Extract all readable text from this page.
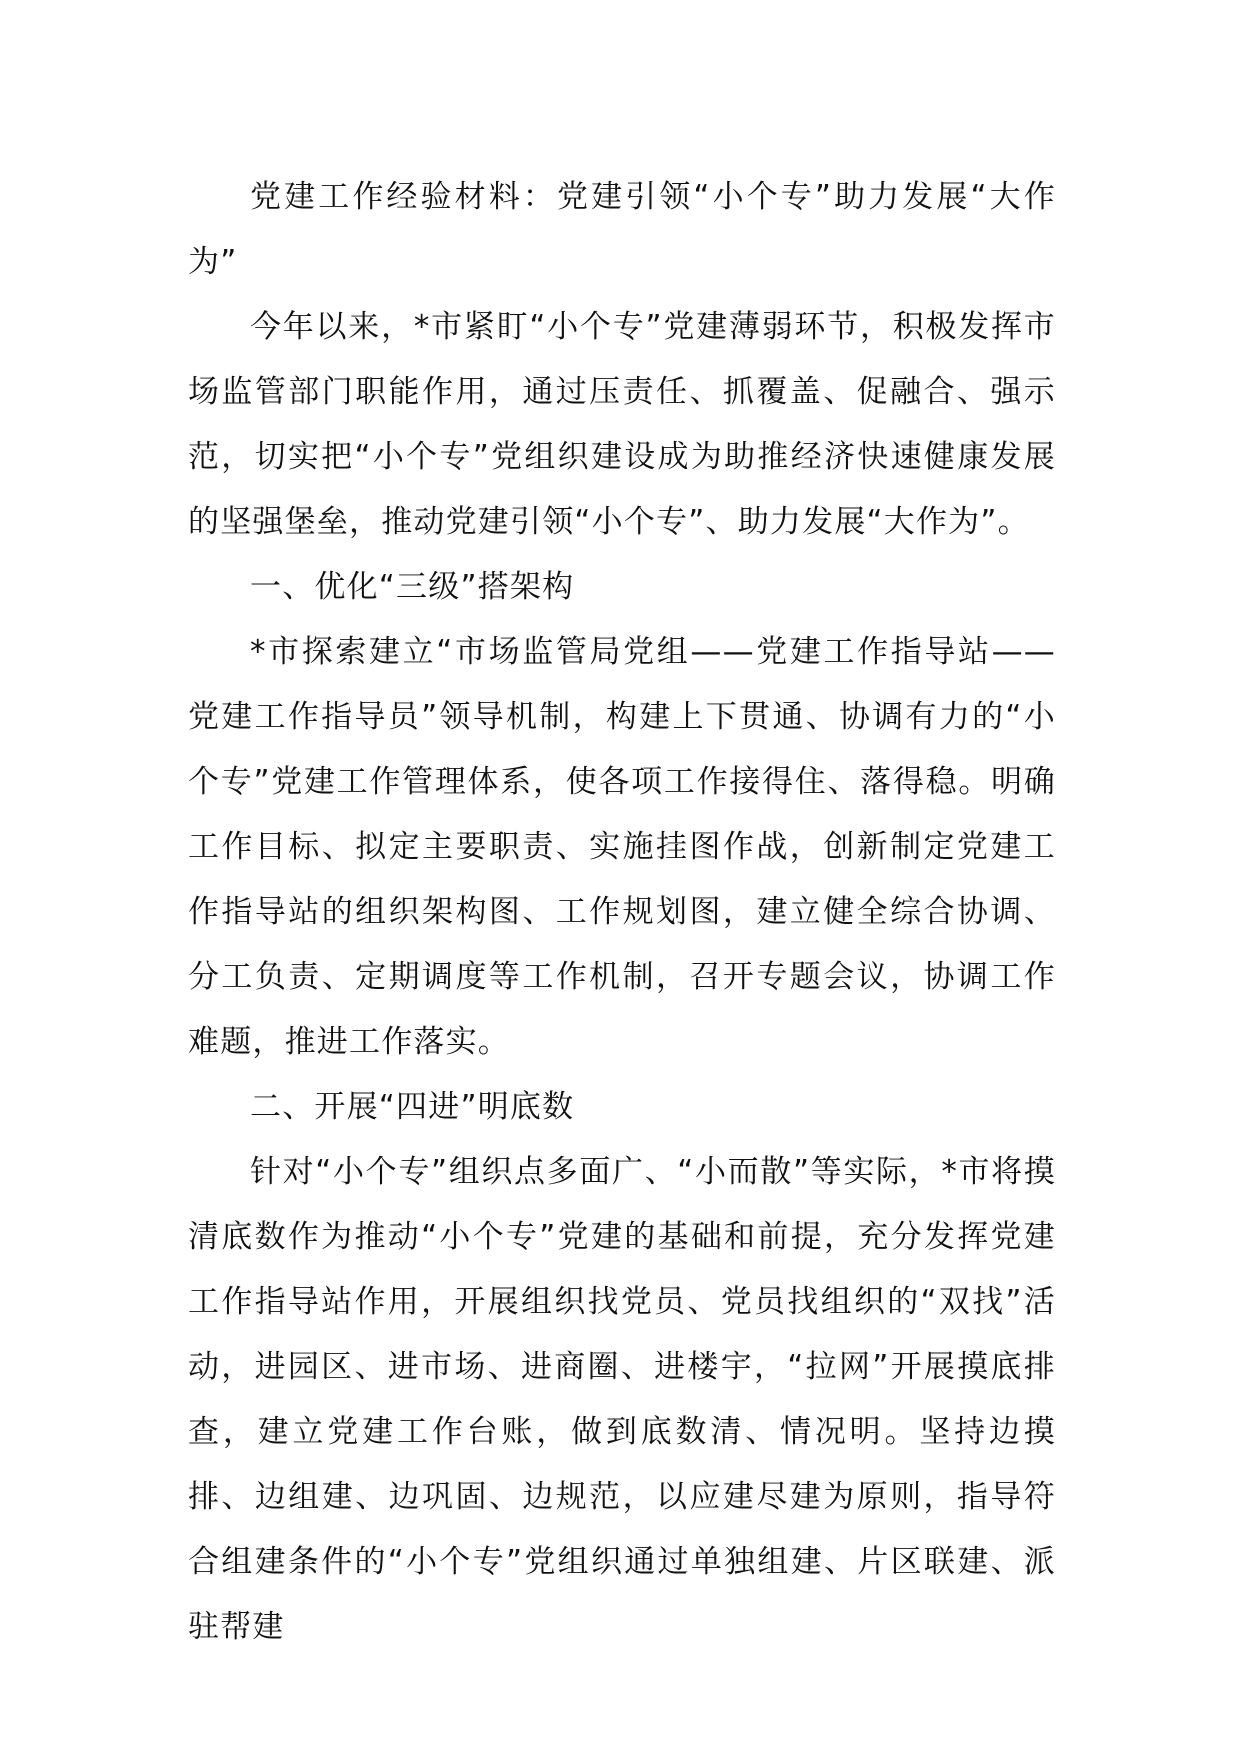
党建工作经验材料：党建引领“小个专”助力发展“大作为”

今年以来，*市紧盯“小个专”党建薄弱环节，积极发挥市场监管部门职能作用，通过压责任、抓覆盖、促融合、强示范，切实把“小个专”党组织建设成为助推经济快速健康发展的坚强堡垒，推动党建引领“小个专”、助力发展“大作为”。

一、优化“三级”搭架构

*市探索建立“市场监管局党组——党建工作指导站——党建工作指导员”领导机制，构建上下贯通、协调有力的“小个专”党建工作管理体系，使各项工作接得住、落得稳。明确工作目标、拟定主要职责、实施挂图作战，创新制定党建工作指导站的组织架构图、工作规划图，建立健全综合协调、分工负责、定期调度等工作机制，召开专题会议，协调工作难题，推进工作落实。

二、开展“四进”明底数

针对“小个专”组织点多面广、“小而散”等实际，*市将摸清底数作为推动“小个专”党建的基础和前提，充分发挥党建工作指导站作用，开展组织找党员、党员找组织的“双找”活动，进园区、进市场、进商圈、进楼宇，“拉网”开展摸底排查，建立党建工作台账，做到底数清、情况明。坚持边摸排、边组建、边巩固、边规范，以应建尽建为原则，指导符合组建条件的“小个专”党组织通过单独组建、片区联建、派驻帮建
